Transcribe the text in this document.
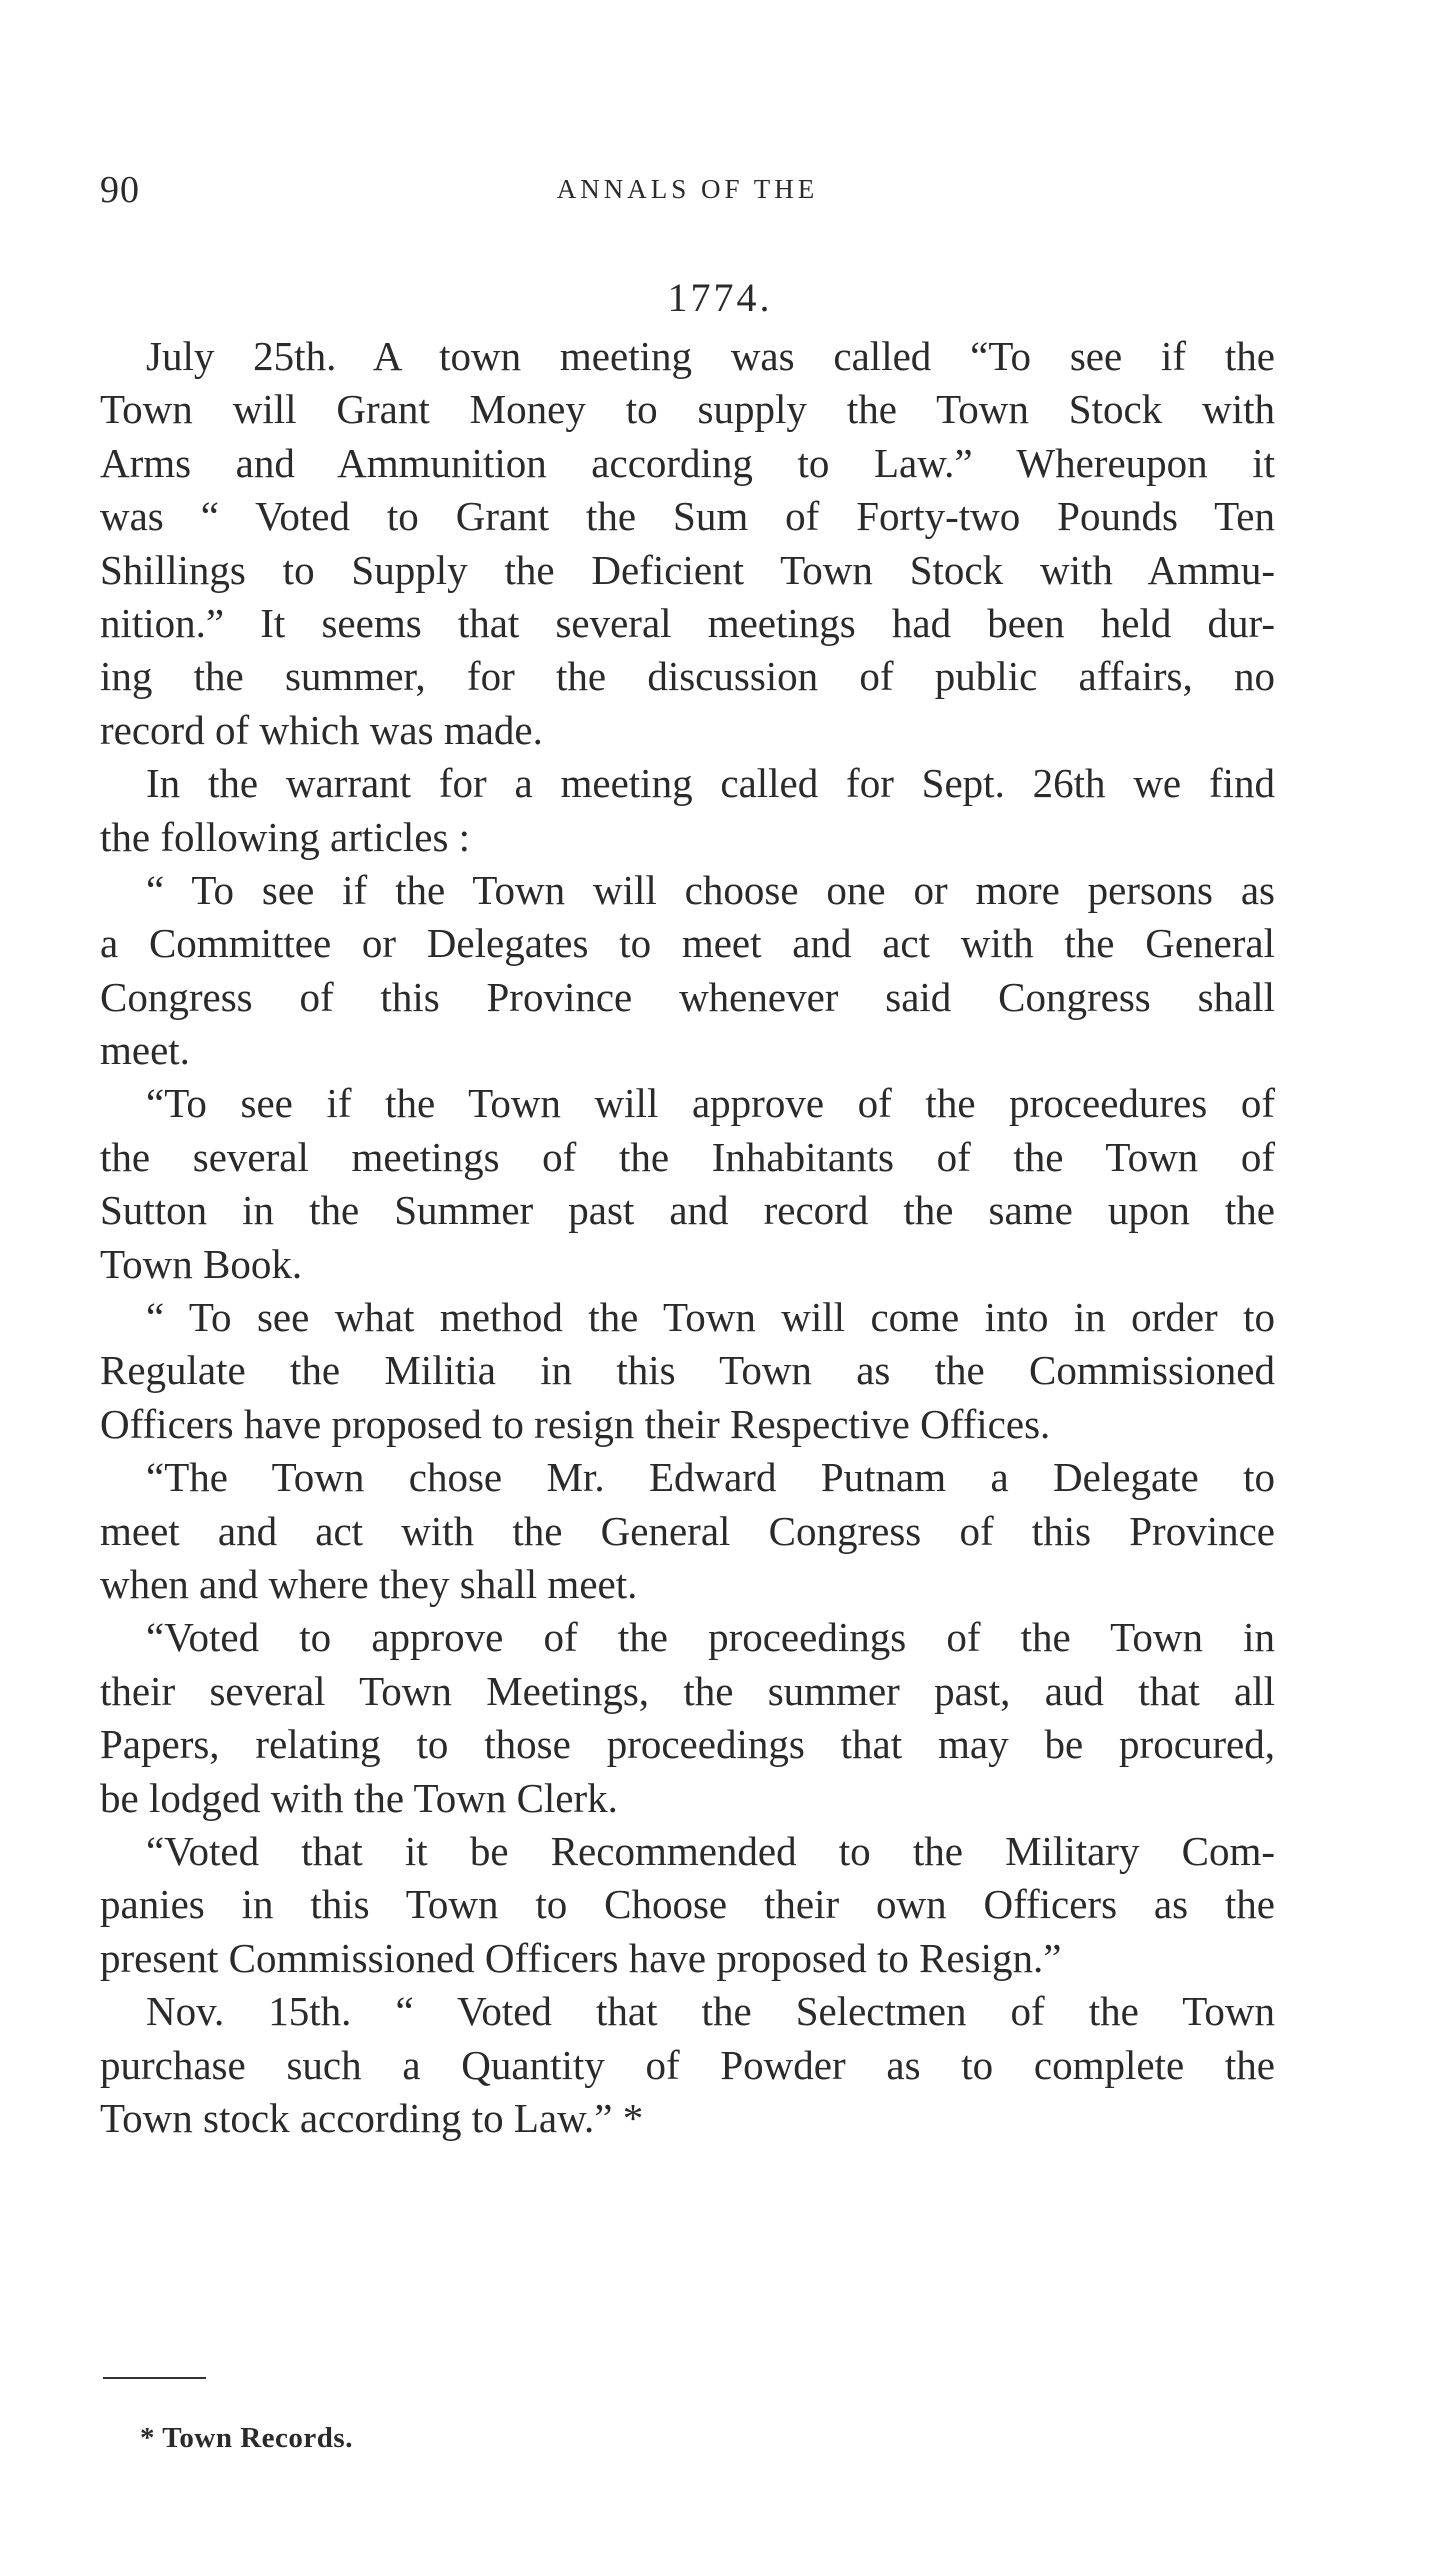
90	ANNALS OF THE
1774.
July 25th. A town meeting was called “To see if the
Town will Grant Money to supply the Town Stock with
Arms and Ammunition according to Law.” Whereupon it
was “ Voted to Grant the Sum of Forty-two Pounds Ten
Shillings to Supply the Deficient Town Stock with Ammu-
nition.” It seems that several meetings had been held dur-
ing the summer, for the discussion of public affairs, no
record of which was made.
In the warrant for a meeting called for Sept. 26th we find
the following articles :
“ To see if the Town will choose one or more persons as
a Committee or Delegates to meet and act with the General
Congress of this Province whenever said Congress shall
meet.
“To see if the Town will approve of the proceedures of
the several meetings of the Inhabitants of the Town of
Sutton in the Summer past and record the same upon the
Town Book.
“ To see what method the Town will come into in order to
Regulate the Militia in this Town as the Commissioned
Officers have proposed to resign their Respective Offices.
“The Town chose Mr. Edward Putnam a Delegate to
meet and act with the General Congress of this Province
when and where they shall meet.
“Voted to approve of the proceedings of the Town in
their several Town Meetings, the summer past, aud that all
Papers, relating to those proceedings that may be procured,
be lodged with the Town Clerk.
“Voted that it be Recommended to the Military Com-
panies in this Town to Choose their own Officers as the
present Commissioned Officers have proposed to Resign.”
Nov. 15th. “ Voted that the Selectmen of the Town
purchase such a Quantity of Powder as to complete the
Town stock according to Law.” *
* Town Records.
